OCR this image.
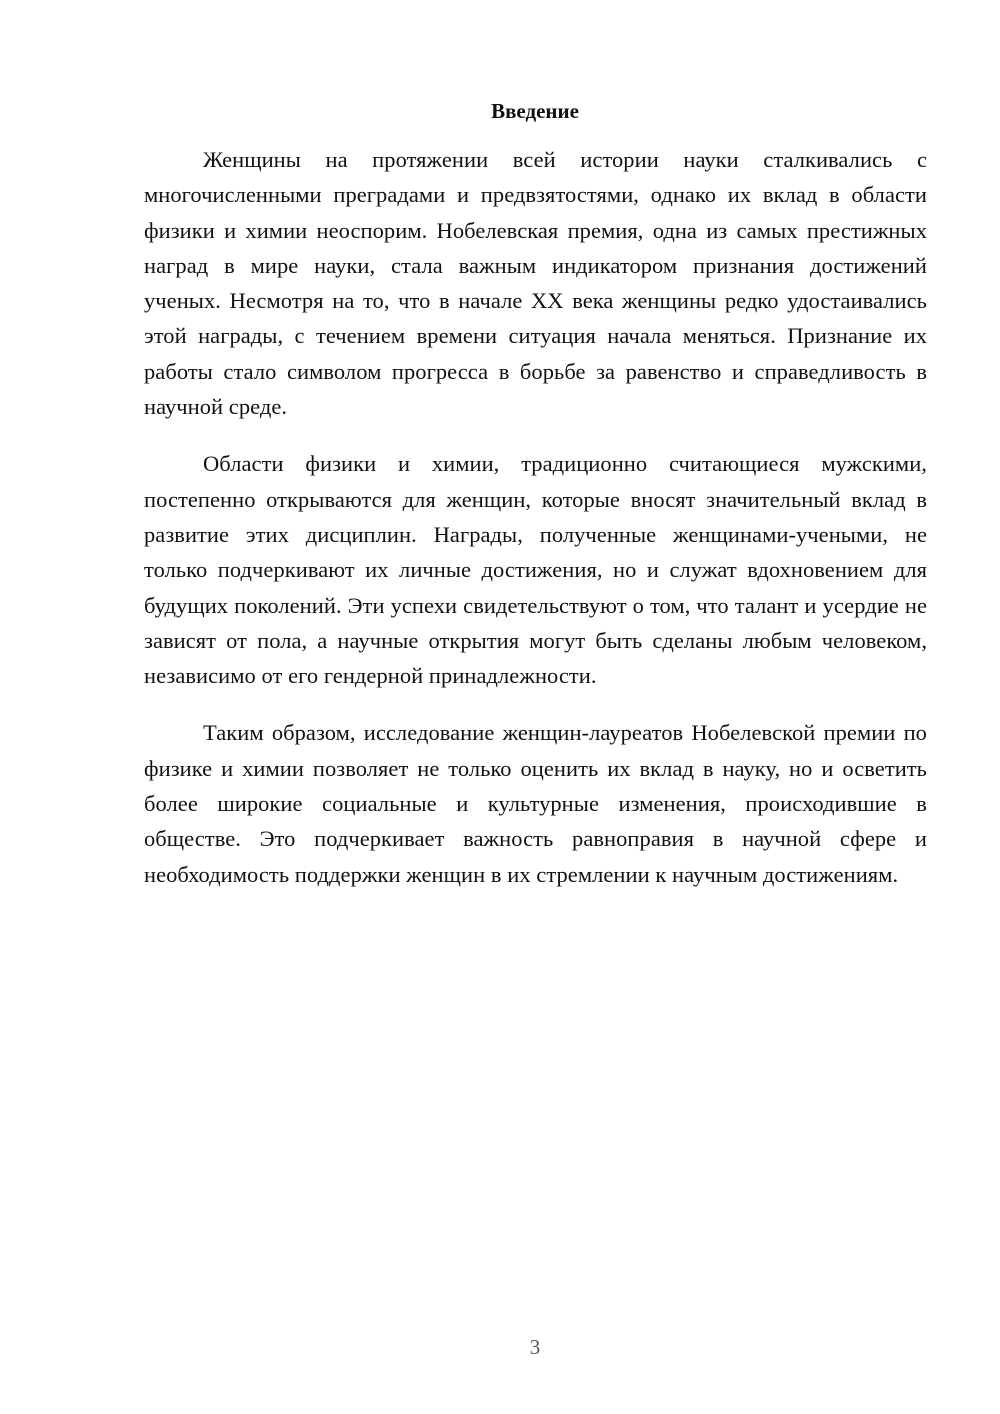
Введение

Женщины на протяжении всей истории науки сталкивались с многочисленными преградами и предвзятостями, однако их вклад в области физики и химии неоспорим. Нобелевская премия, одна из самых престижных наград в мире науки, стала важным индикатором признания достижений ученых. Несмотря на то, что в начале XX века женщины редко удостаивались этой награды, с течением времени ситуация начала меняться. Признание их работы стало символом прогресса в борьбе за равенство и справедливость в научной среде.

Области физики и химии, традиционно считающиеся мужскими, постепенно открываются для женщин, которые вносят значительный вклад в развитие этих дисциплин. Награды, полученные женщинами-учеными, не только подчеркивают их личные достижения, но и служат вдохновением для будущих поколений. Эти успехи свидетельствуют о том, что талант и усердие не зависят от пола, а научные открытия могут быть сделаны любым человеком, независимо от его гендерной принадлежности.

Таким образом, исследование женщин-лауреатов Нобелевской премии по физике и химии позволяет не только оценить их вклад в науку, но и осветить более широкие социальные и культурные изменения, происходившие в обществе. Это подчеркивает важность равноправия в научной сфере и необходимость поддержки женщин в их стремлении к научным достижениям.

3
